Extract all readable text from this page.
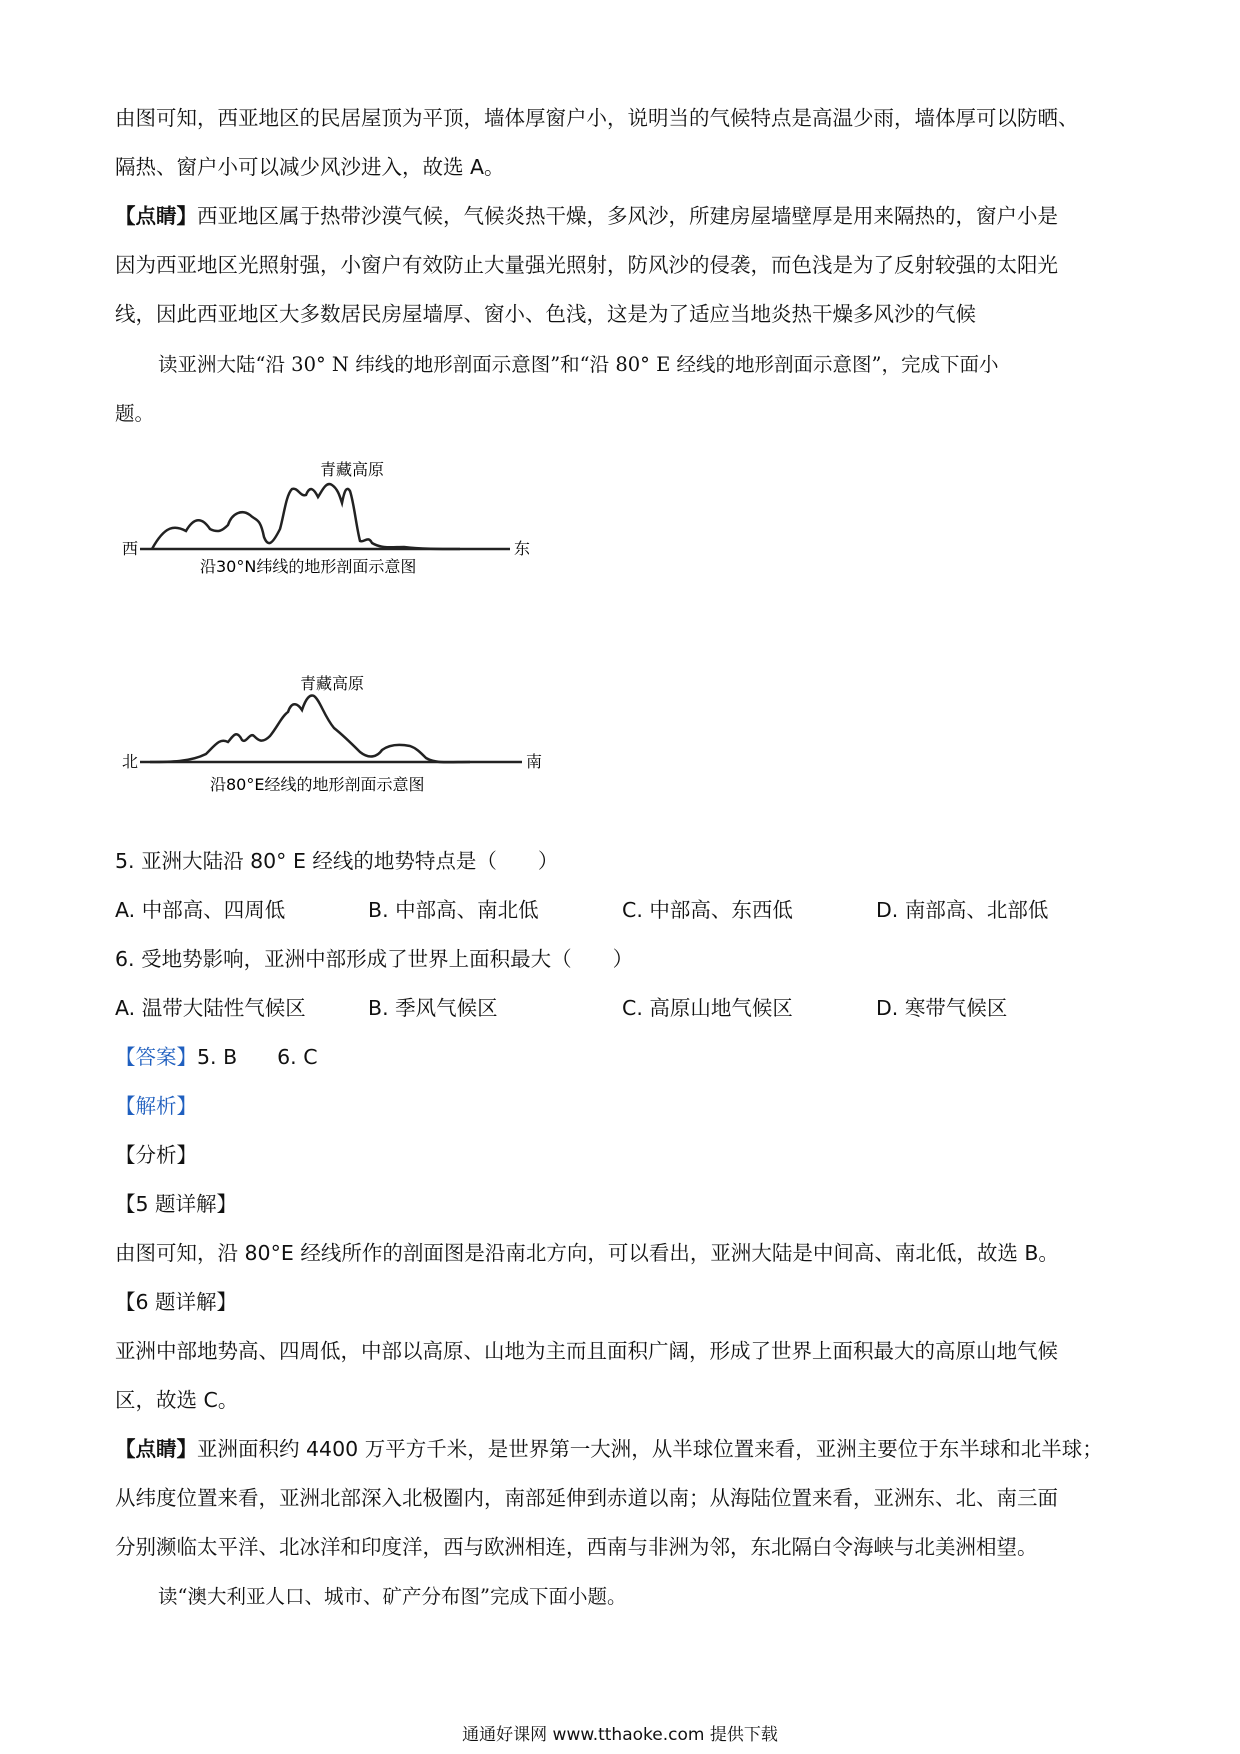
由图可知，西亚地区的民居屋顶为平顶，墙体厚窗户小，说明当的气候特点是高温少雨，墙体厚可以防晒、
隔热、窗户小可以减少风沙进入，故选 A。
【点睛】西亚地区属于热带沙漠气候，气候炎热干燥，多风沙，所建房屋墙壁厚是用来隔热的，窗户小是
因为西亚地区光照射强，小窗户有效防止大量强光照射，防风沙的侵袭，而色浅是为了反射较强的太阳光
线，因此西亚地区大多数居民房屋墙厚、窗小、色浅，这是为了适应当地炎热干燥多风沙的气候
读亚洲大陆“沿 30° N 纬线的地形剖面示意图”和“沿 80° E 经线的地形剖面示意图”，完成下面小
题。
青藏高原
西	东
沿30°N纬线的地形剖面示意图
青藏高原
北	南
沿80°E经线的地形剖面示意图
5. 亚洲大陆沿 80° E 经线的地势特点是（　　）
A. 中部高、四周低	B. 中部高、南北低	C. 中部高、东西低	D. 南部高、北部低
6. 受地势影响，亚洲中部形成了世界上面积最大（　　）
A. 温带大陆性气候区	B. 季风气候区	C. 高原山地气候区	D. 寒带气候区
【答案】5. B 6. C
【解析】
【分析】
【5 题详解】
由图可知，沿 80°E 经线所作的剖面图是沿南北方向，可以看出，亚洲大陆是中间高、南北低，故选 B。
【6 题详解】
亚洲中部地势高、四周低，中部以高原、山地为主而且面积广阔，形成了世界上面积最大的高原山地气候
区，故选 C。
【点睛】亚洲面积约 4400 万平方千米，是世界第一大洲，从半球位置来看，亚洲主要位于东半球和北半球；
从纬度位置来看，亚洲北部深入北极圈内，南部延伸到赤道以南；从海陆位置来看，亚洲东、北、南三面
分别濒临太平洋、北冰洋和印度洋，西与欧洲相连，西南与非洲为邻，东北隔白令海峡与北美洲相望。
读“澳大利亚人口、城市、矿产分布图”完成下面小题。
通通好课网 www.tthaoke.com 提供下载
